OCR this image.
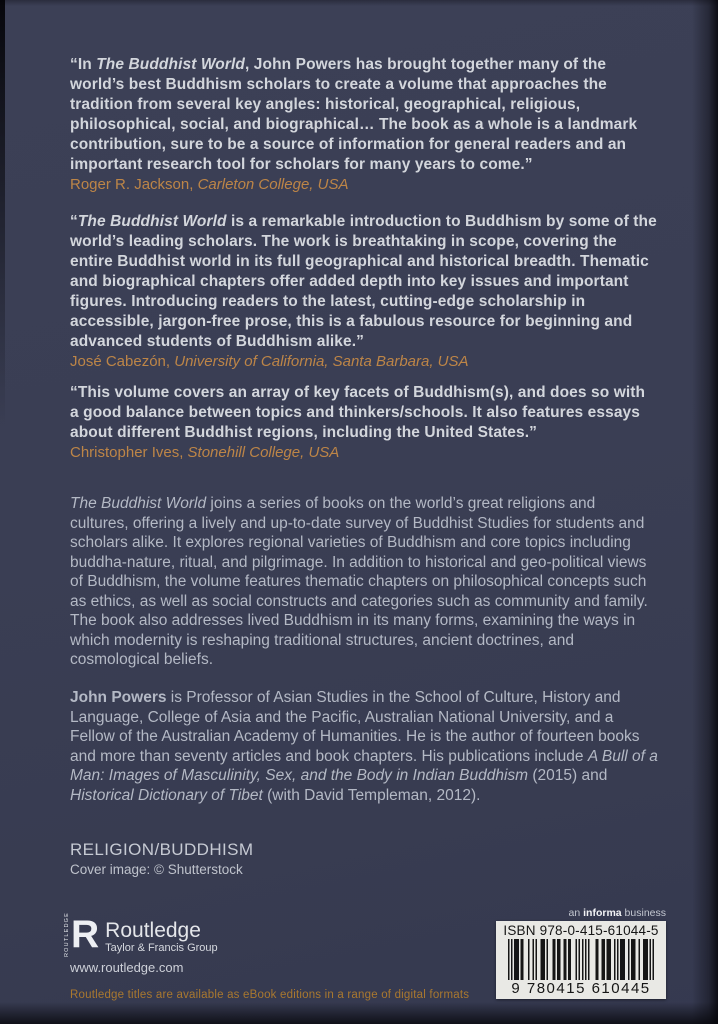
“In The Buddhist World, John Powers has brought together many of the world’s best Buddhism scholars to create a volume that approaches the tradition from several key angles: historical, geographical, religious, philosophical, social, and biographical… The book as a whole is a landmark contribution, sure to be a source of information for general readers and an important research tool for scholars for many years to come.”

Roger R. Jackson, Carleton College, USA

“The Buddhist World is a remarkable introduction to Buddhism by some of the world’s leading scholars. The work is breathtaking in scope, covering the entire Buddhist world in its full geographical and historical breadth. Thematic and biographical chapters offer added depth into key issues and important figures. Introducing readers to the latest, cutting-edge scholarship in accessible, jargon-free prose, this is a fabulous resource for beginning and advanced students of Buddhism alike.”

José Cabezón, University of California, Santa Barbara, USA

“This volume covers an array of key facets of Buddhism(s), and does so with a good balance between topics and thinkers/schools. It also features essays about different Buddhist regions, including the United States.”

Christopher Ives, Stonehill College, USA

The Buddhist World joins a series of books on the world’s great religions and cultures, offering a lively and up-to-date survey of Buddhist Studies for students and scholars alike. It explores regional varieties of Buddhism and core topics including buddha-nature, ritual, and pilgrimage. In addition to historical and geo-political views of Buddhism, the volume features thematic chapters on philosophical concepts such as ethics, as well as social constructs and categories such as community and family. The book also addresses lived Buddhism in its many forms, examining the ways in which modernity is reshaping traditional structures, ancient doctrines, and cosmological beliefs.

John Powers is Professor of Asian Studies in the School of Culture, History and Language, College of Asia and the Pacific, Australian National University, and a Fellow of the Australian Academy of Humanities. He is the author of fourteen books and more than seventy articles and book chapters. His publications include A Bull of a Man: Images of Masculinity, Sex, and the Body in Indian Buddhism (2015) and Historical Dictionary of Tibet (with David Templeman, 2012).

RELIGION/BUDDHISM

Cover image: © Shutterstock

ROUTLEDGE R Routledge
Taylor & Francis Group
www.routledge.com
an informa business

ISBN 978-0-415-61044-5

9 780415 610445

Routledge titles are available as eBook editions in a range of digital formats
